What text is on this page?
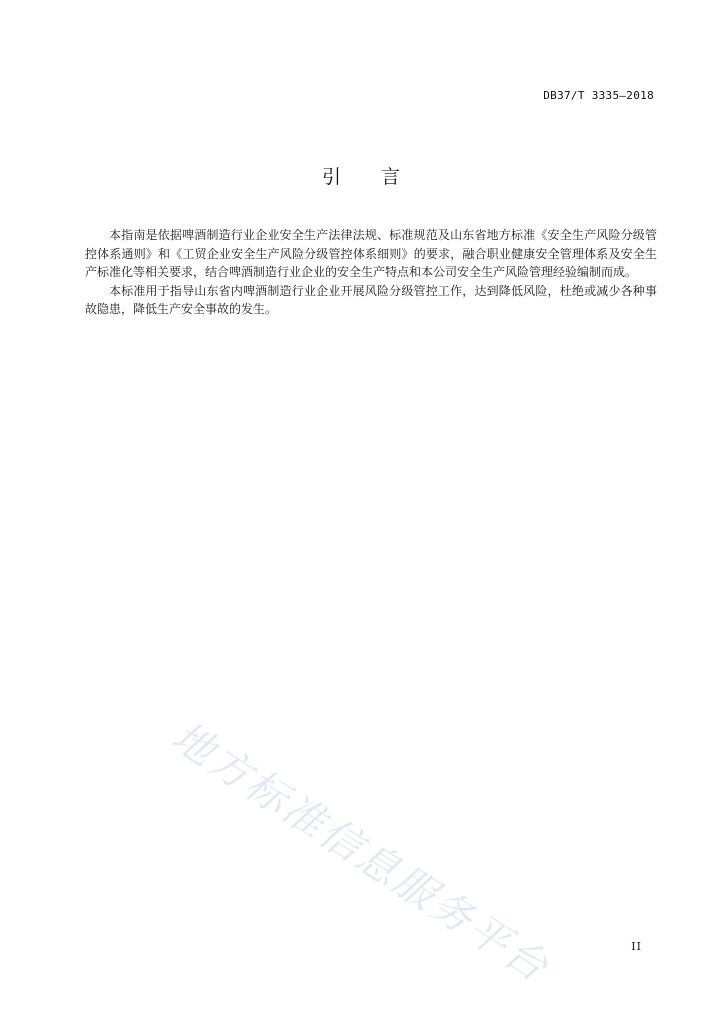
DB37/T 3335—2018
引 言

本指南是依据啤酒制造行业企业安全生产法律法规、标准规范及山东省地方标准《安全生产风险分级管控体系通则》和《工贸企业安全生产风险分级管控体系细则》的要求，融合职业健康安全管理体系及安全生产标准化等相关要求，结合啤酒制造行业企业的安全生产特点和本公司安全生产风险管理经验编制而成。

本标准用于指导山东省内啤酒制造行业企业开展风险分级管控工作，达到降低风险，杜绝或减少各种事故隐患，降低生产安全事故的发生。

地方标准信息服务平台	II
